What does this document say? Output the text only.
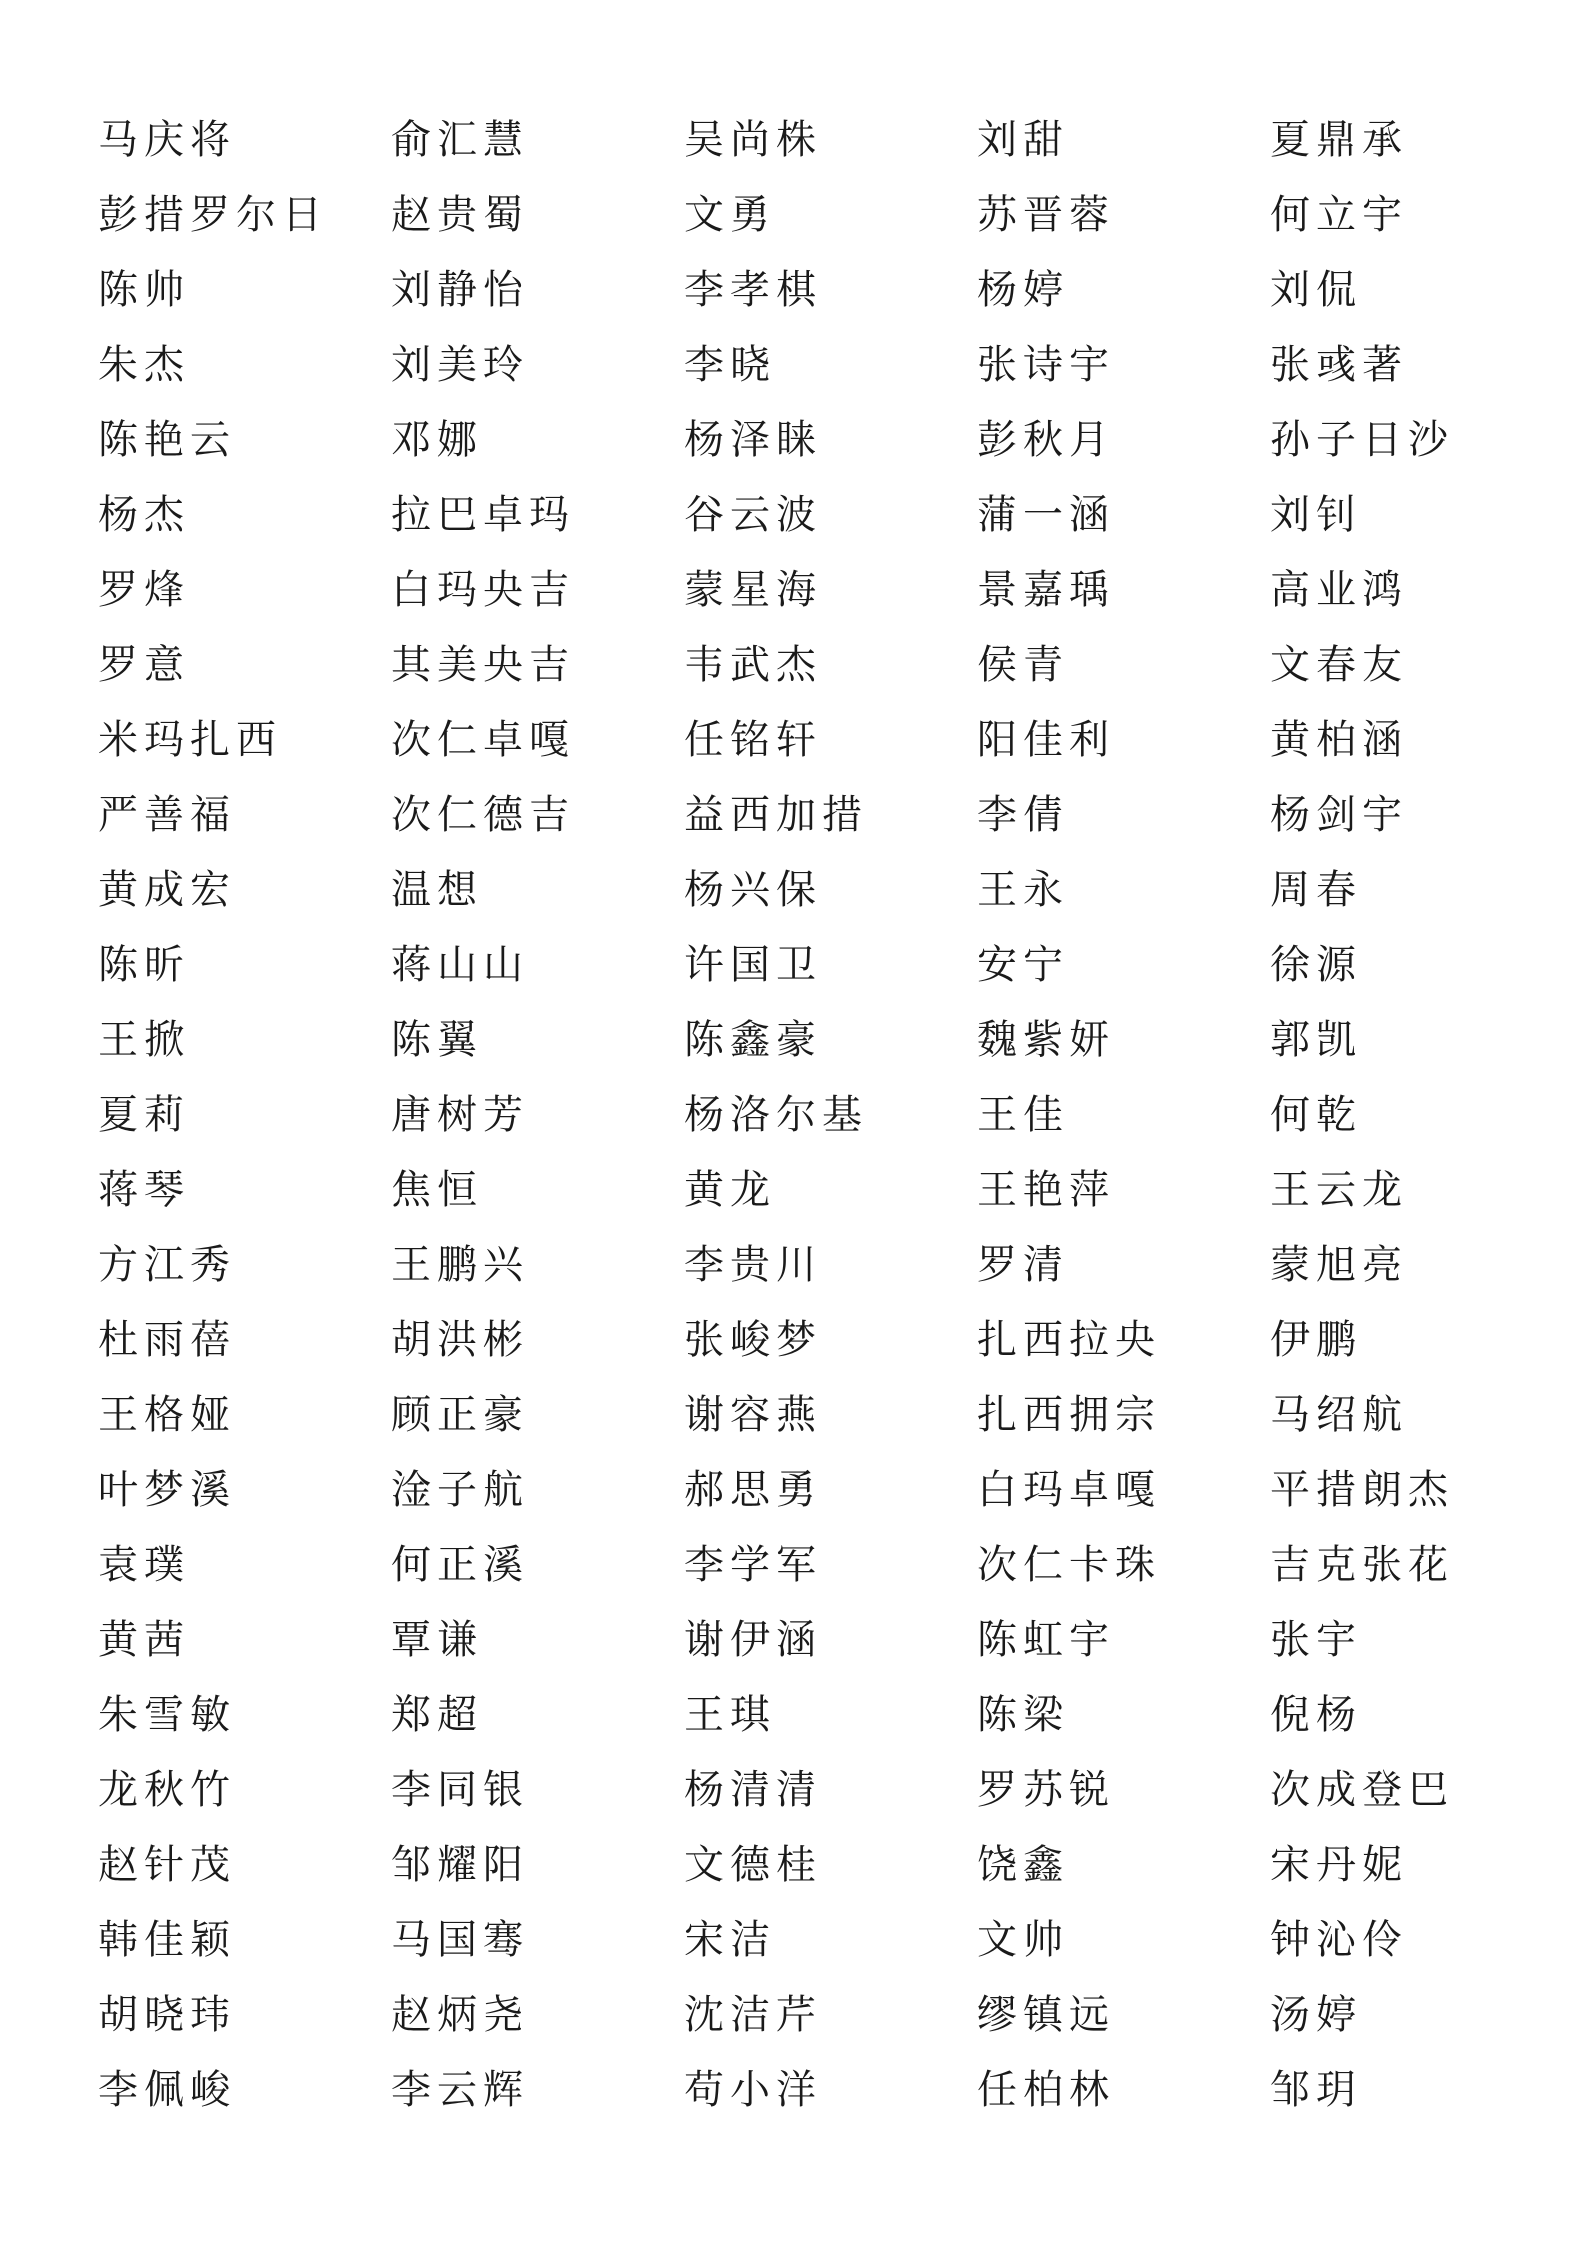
马庆将	俞汇慧	吴尚株	刘甜	夏鼎承
彭措罗尔日	赵贵蜀	文勇	苏晋蓉	何立宇
陈帅	刘静怡	李孝棋	杨婷	刘侃
朱杰	刘美玲	李晓	张诗宇	张彧著
陈艳云	邓娜	杨泽睐	彭秋月	孙子日沙
杨杰	拉巴卓玛	谷云波	蒲一涵	刘钊
罗烽	白玛央吉	蒙星海	景嘉瑀	高业鸿
罗意	其美央吉	韦武杰	侯青	文春友
米玛扎西	次仁卓嘎	任铭轩	阳佳利	黄柏涵
严善福	次仁德吉	益西加措	李倩	杨剑宇
黄成宏	温想	杨兴保	王永	周春
陈昕	蒋山山	许国卫	安宁	徐源
王掀	陈翼	陈鑫豪	魏紫妍	郭凯
夏莉	唐树芳	杨洛尔基	王佳	何乾
蒋琴	焦恒	黄龙	王艳萍	王云龙
方江秀	王鹏兴	李贵川	罗清	蒙旭亮
杜雨蓓	胡洪彬	张峻梦	扎西拉央	伊鹏
王格娅	顾正豪	谢容燕	扎西拥宗	马绍航
叶梦溪	淦子航	郝思勇	白玛卓嘎	平措朗杰
袁璞	何正溪	李学军	次仁卡珠	吉克张花
黄茜	覃谦	谢伊涵	陈虹宇	张宇
朱雪敏	郑超	王琪	陈梁	倪杨
龙秋竹	李同银	杨清清	罗苏锐	次成登巴
赵针茂	邹耀阳	文德桂	饶鑫	宋丹妮
韩佳颖	马国骞	宋洁	文帅	钟沁伶
胡晓玮	赵炳尧	沈洁芹	缪镇远	汤婷
李佩峻	李云辉	苟小洋	任柏林	邹玥
